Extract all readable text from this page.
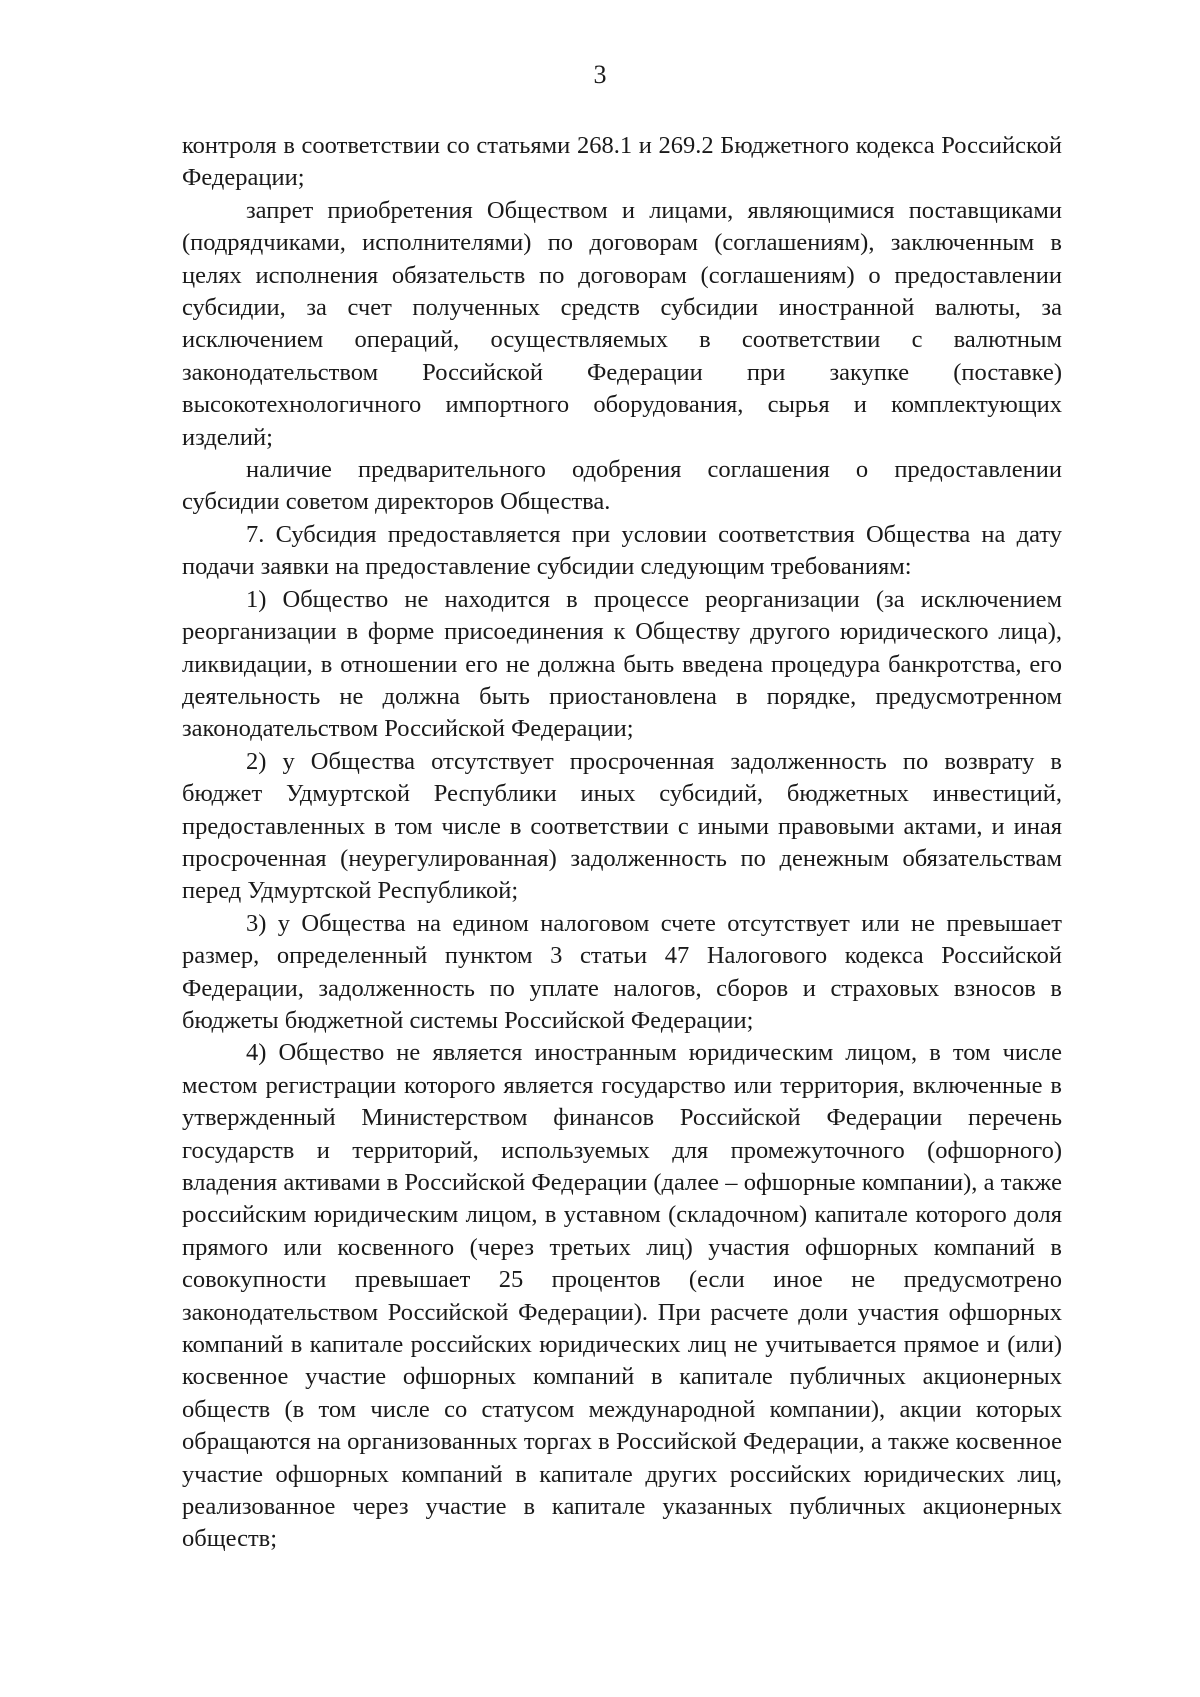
3

контроля в соответствии со статьями 268.1 и 269.2 Бюджетного кодекса Российской Федерации;

запрет приобретения Обществом и лицами, являющимися поставщиками (подрядчиками, исполнителями) по договорам (соглашениям), заключенным в целях исполнения обязательств по договорам (соглашениям) о предоставлении субсидии, за счет полученных средств субсидии иностранной валюты, за исключением операций, осуществляемых в соответствии с валютным законодательством Российской Федерации при закупке (поставке) высокотехнологичного импортного оборудования, сырья и комплектующих изделий;

наличие предварительного одобрения соглашения о предоставлении субсидии советом директоров Общества.

7. Субсидия предоставляется при условии соответствия Общества на дату подачи заявки на предоставление субсидии следующим требованиям:

1) Общество не находится в процессе реорганизации (за исключением реорганизации в форме присоединения к Обществу другого юридического лица), ликвидации, в отношении его не должна быть введена процедура банкротства, его деятельность не должна быть приостановлена в порядке, предусмотренном законодательством Российской Федерации;

2) у Общества отсутствует просроченная задолженность по возврату в бюджет Удмуртской Республики иных субсидий, бюджетных инвестиций, предоставленных в том числе в соответствии с иными правовыми актами, и иная просроченная (неурегулированная) задолженность по денежным обязательствам перед Удмуртской Республикой;

3) у Общества на едином налоговом счете отсутствует или не превышает размер, определенный пунктом 3 статьи 47 Налогового кодекса Российской Федерации, задолженность по уплате налогов, сборов и страховых взносов в бюджеты бюджетной системы Российской Федерации;

4) Общество не является иностранным юридическим лицом, в том числе местом регистрации которого является государство или территория, включенные в утвержденный Министерством финансов Российской Федерации перечень государств и территорий, используемых для промежуточного (офшорного) владения активами в Российской Федерации (далее – офшорные компании), а также российским юридическим лицом, в уставном (складочном) капитале которого доля прямого или косвенного (через третьих лиц) участия офшорных компаний в совокупности превышает 25 процентов (если иное не предусмотрено законодательством Российской Федерации). При расчете доли участия офшорных компаний в капитале российских юридических лиц не учитывается прямое и (или) косвенное участие офшорных компаний в капитале публичных акционерных обществ (в том числе со статусом международной компании), акции которых обращаются на организованных торгах в Российской Федерации, а также косвенное участие офшорных компаний в капитале других российских юридических лиц, реализованное через участие в капитале указанных публичных акционерных обществ;
